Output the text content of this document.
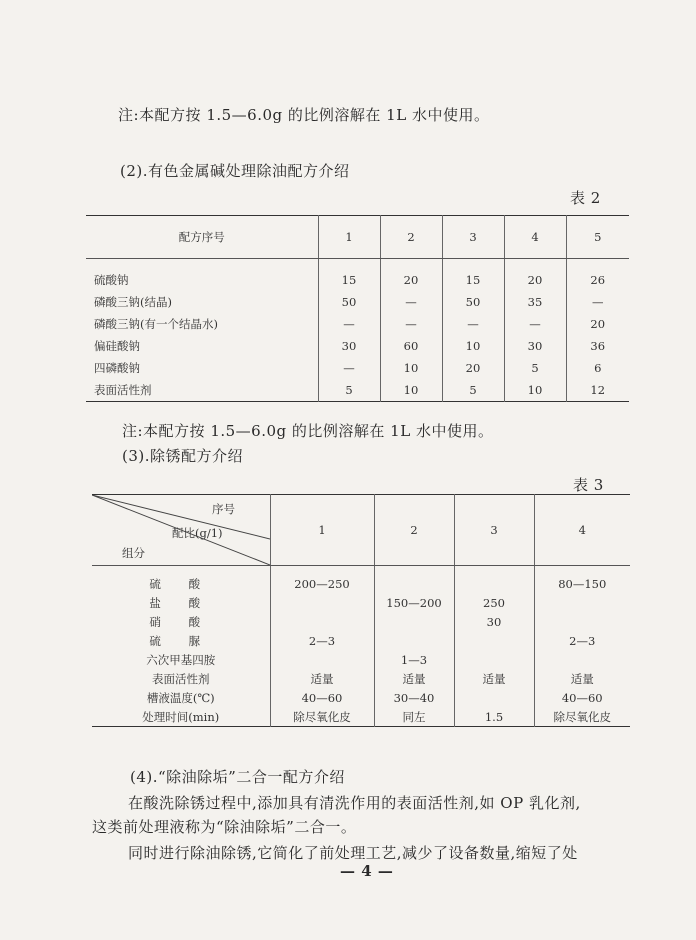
注:本配方按 1.5—6.0g 的比例溶解在 1L 水中使用。
(2).有色金属碱处理除油配方介绍
表 2
配方序号	1	2	3	4	5
硫酸钠	15	20	15	20	26
磷酸三钠(结晶)	50	—	50	35	—
磷酸三钠(有一个结晶水)	—	—	—	—	20
偏硅酸钠	30	60	10	30	36
四磷酸钠	—	10	20	5	6
表面活性剂	5	10	5	10	12
注:本配方按 1.5—6.0g 的比例溶解在 1L 水中使用。
(3).除锈配方介绍
表 3
序号
配比(g/1)
组分	1	2	3	4
硫 酸	200—250			80—150
盐 酸		150—200	250	
硝 酸			30	
硫 脲	2—3			2—3
六次甲基四胺		1—3		
表面活性剂	适量	适量	适量	适量
槽液温度(℃)	40—60	30—40		40—60
处理时间(min)	除尽氧化皮	同左	1.5	除尽氧化皮
(4).“除油除垢”二合一配方介绍
在酸洗除锈过程中,添加具有清洗作用的表面活性剂,如 OP 乳化剂,
这类前处理液称为“除油除垢”二合一。
同时进行除油除锈,它简化了前处理工艺,减少了设备数量,缩短了处
— 4 —
